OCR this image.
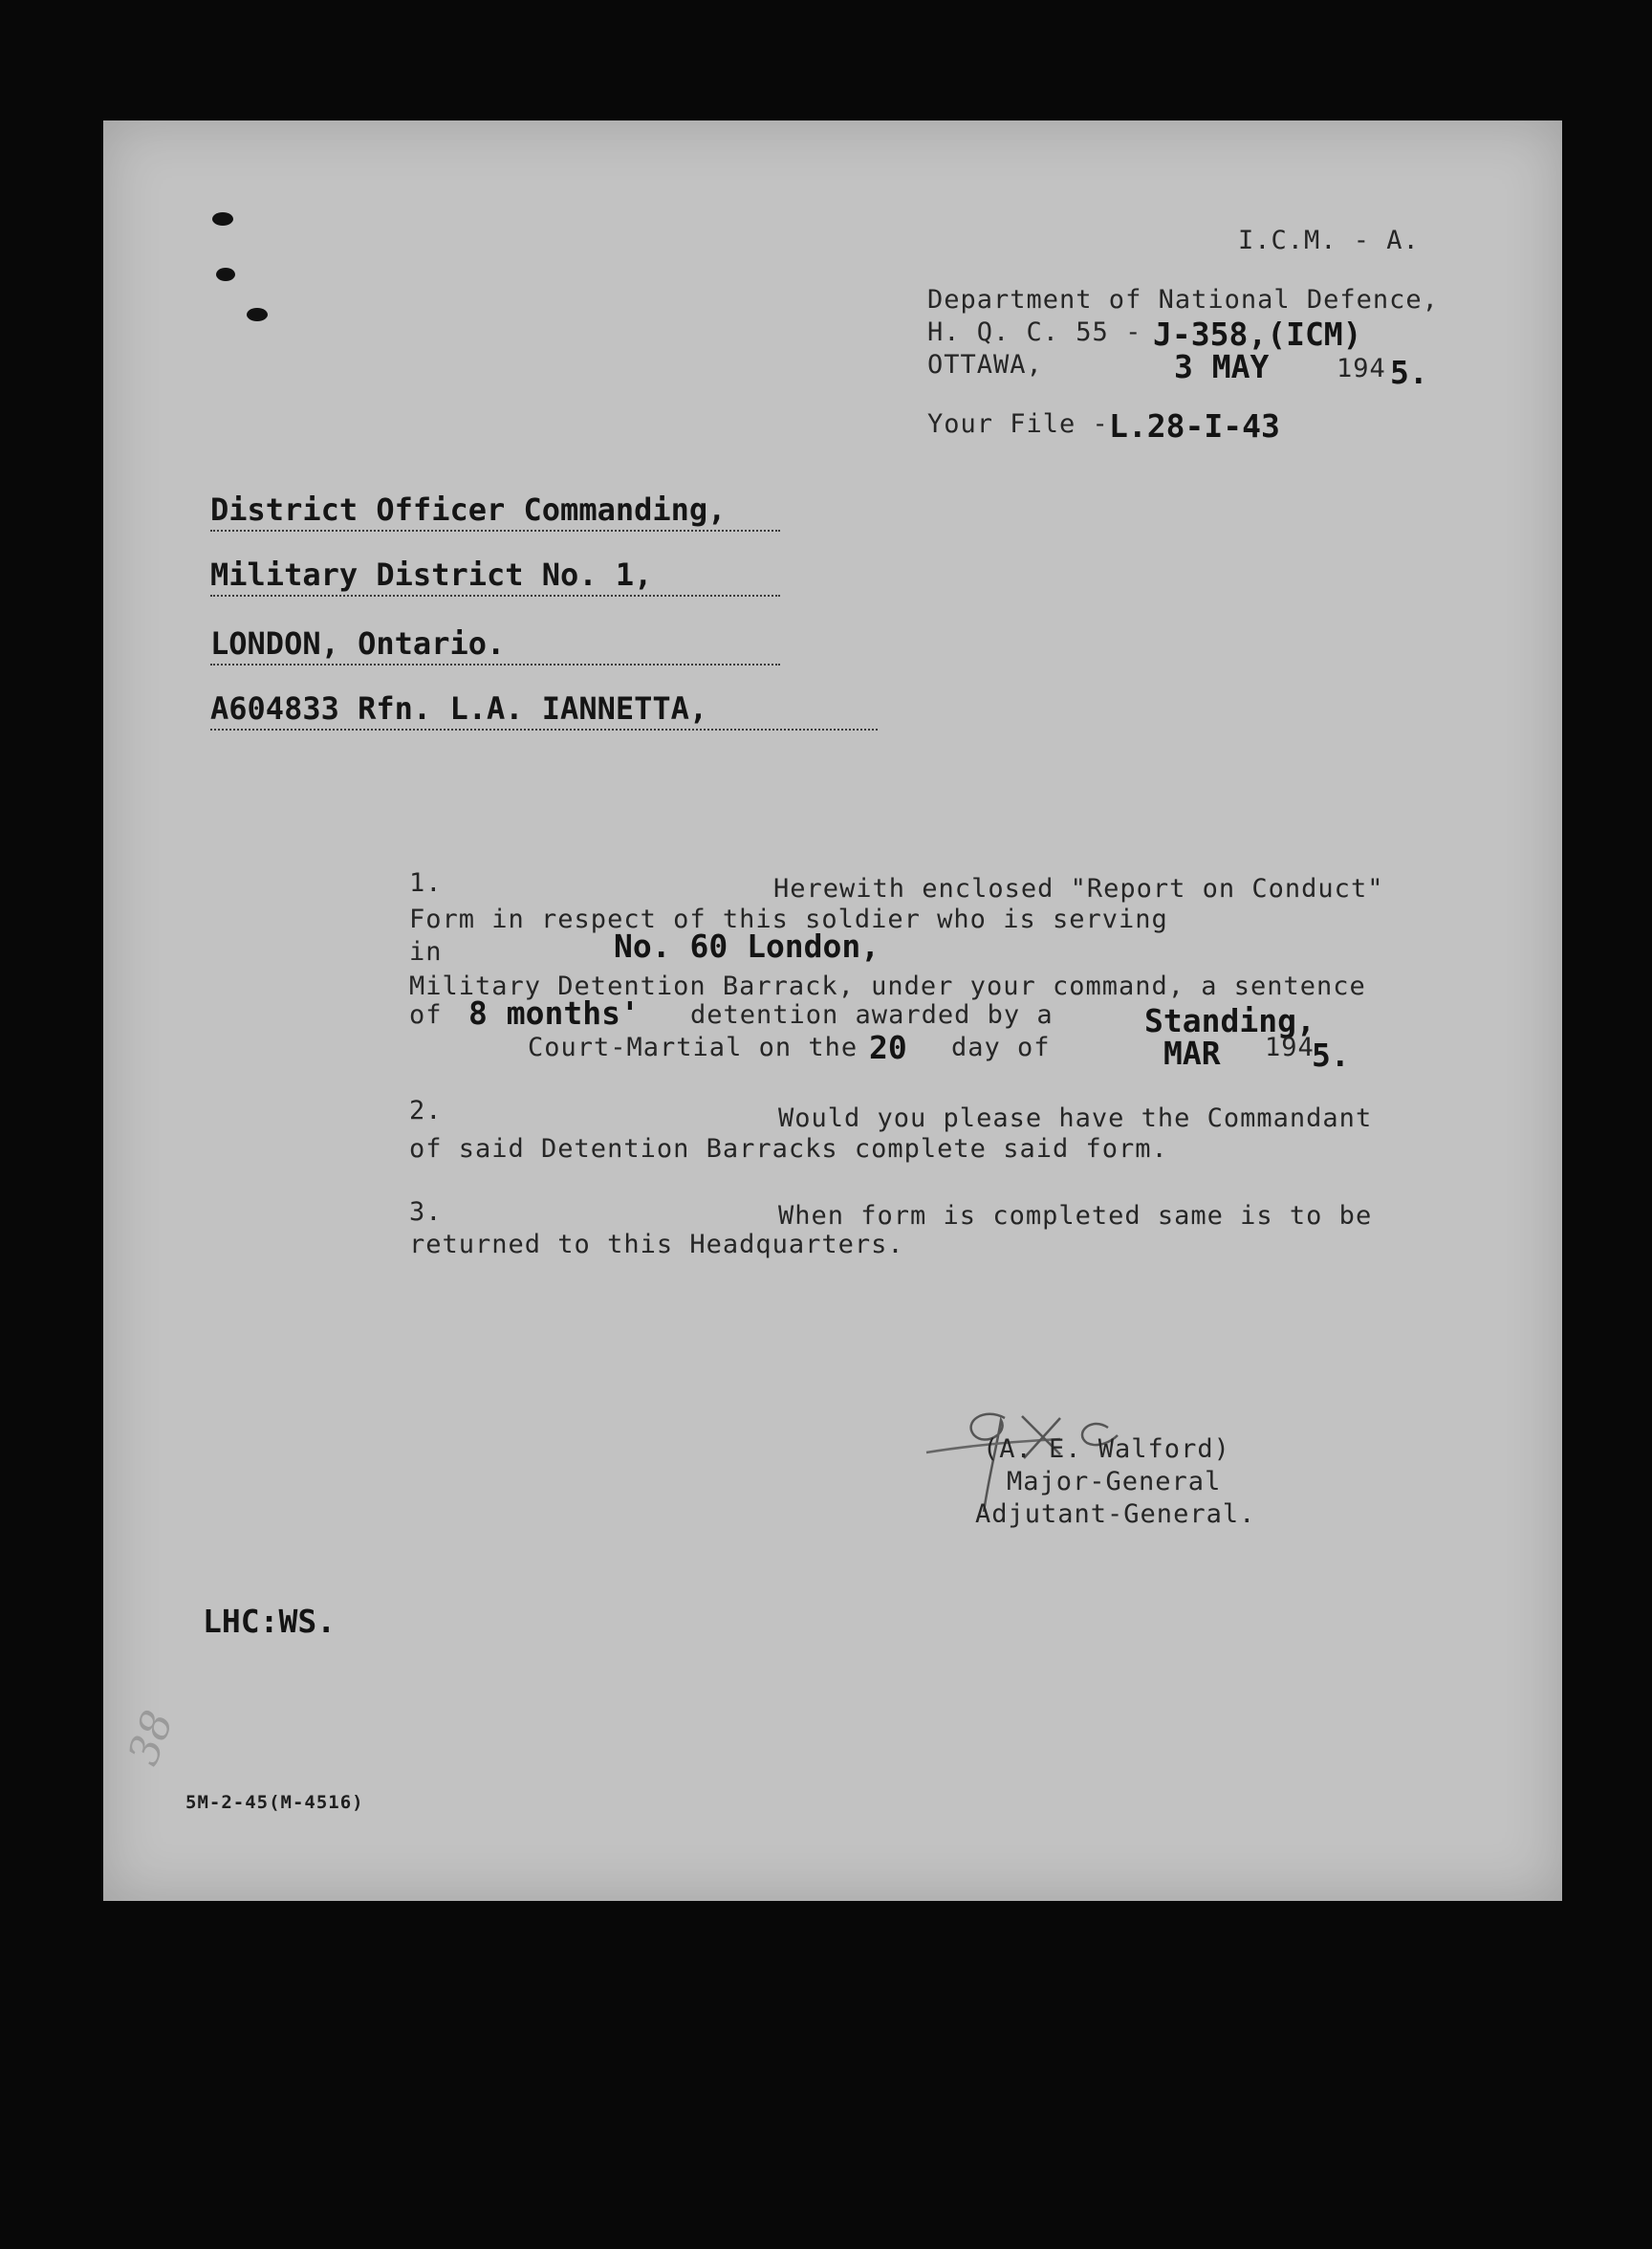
I.C.M. - A.
Department of National Defence,
H. Q. C. 55 - J-358,(ICM)
OTTAWA,	3 MAY	194 5.
Your File - L.28-I-43
District Officer Commanding,
Military District No. 1,
LONDON, Ontario.
A604833 Rfn. L.A. IANNETTA,
1.	Herewith enclosed "Report on Conduct"
Form in respect of this soldier who is serving
in	No. 60 London,
Military Detention Barrack, under your command, a sentence
of 8 months' detention awarded by a	Standing,
Court-Martial on the 20 day of	MAR 194
5.
2.	Would you please have the Commandant
of said Detention Barracks complete said form.
3.	When form is completed same is to be
returned to this Headquarters.

(A. E. Walford)
Major-General
Adjutant-General.
LHC:WS.
38
5M-2-45(M-4516)
